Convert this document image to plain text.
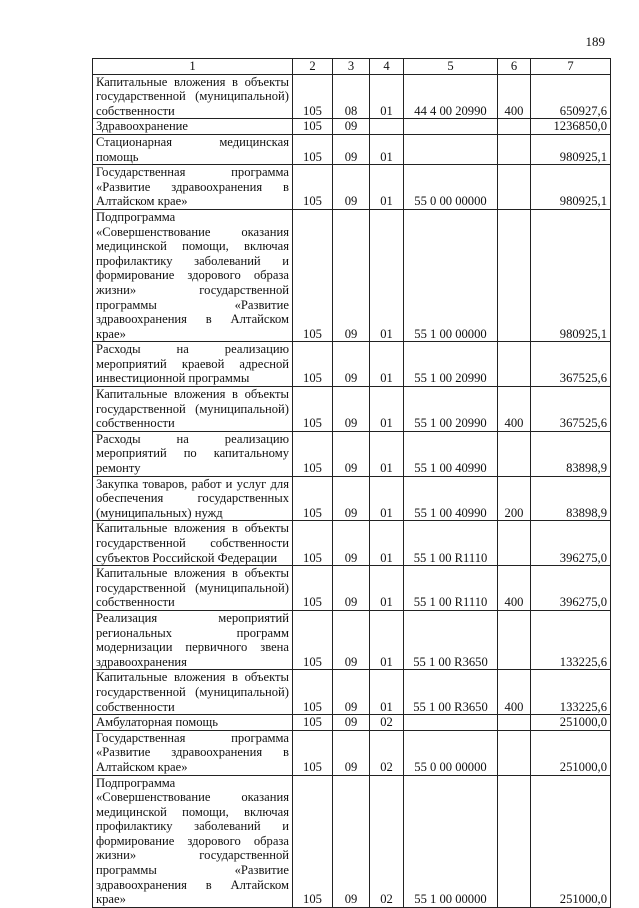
189
1	2	3	4	5	6	7
Капитальные вложения в объекты государственной (муниципальной) собственности	105	08	01	44 4 00 20990	400	650927,6
Здравоохранение	105	09				1236850,0
Стационарная медицинская помощь	105	09	01			980925,1
Государственная программа «Развитие здравоохранения в Алтайском крае»	105	09	01	55 0 00 00000		980925,1
Подпрограмма «Совершенствование оказания медицинской помощи, включая профилактику заболеваний и формирование здорового образа жизни» государственной программы «Развитие здравоохранения в Алтайском крае»	105	09	01	55 1 00 00000		980925,1
Расходы на реализацию мероприятий краевой адресной инвестиционной программы	105	09	01	55 1 00 20990		367525,6
Капитальные вложения в объекты государственной (муниципальной) собственности	105	09	01	55 1 00 20990	400	367525,6
Расходы на реализацию мероприятий по капитальному ремонту	105	09	01	55 1 00 40990		83898,9
Закупка товаров, работ и услуг для обеспечения государственных (муниципальных) нужд	105	09	01	55 1 00 40990	200	83898,9
Капитальные вложения в объекты государственной собственности субъектов Российской Федерации	105	09	01	55 1 00 R1110		396275,0
Капитальные вложения в объекты государственной (муниципальной) собственности	105	09	01	55 1 00 R1110	400	396275,0
Реализация мероприятий региональных программ модернизации первичного звена здравоохранения	105	09	01	55 1 00 R3650		133225,6
Капитальные вложения в объекты государственной (муниципальной) собственности	105	09	01	55 1 00 R3650	400	133225,6
Амбулаторная помощь	105	09	02			251000,0
Государственная программа «Развитие здравоохранения в Алтайском крае»	105	09	02	55 0 00 00000		251000,0
Подпрограмма «Совершенствование оказания медицинской помощи, включая профилактику заболеваний и формирование здорового образа жизни» государственной программы «Развитие здравоохранения в Алтайском крае»	105	09	02	55 1 00 00000		251000,0
